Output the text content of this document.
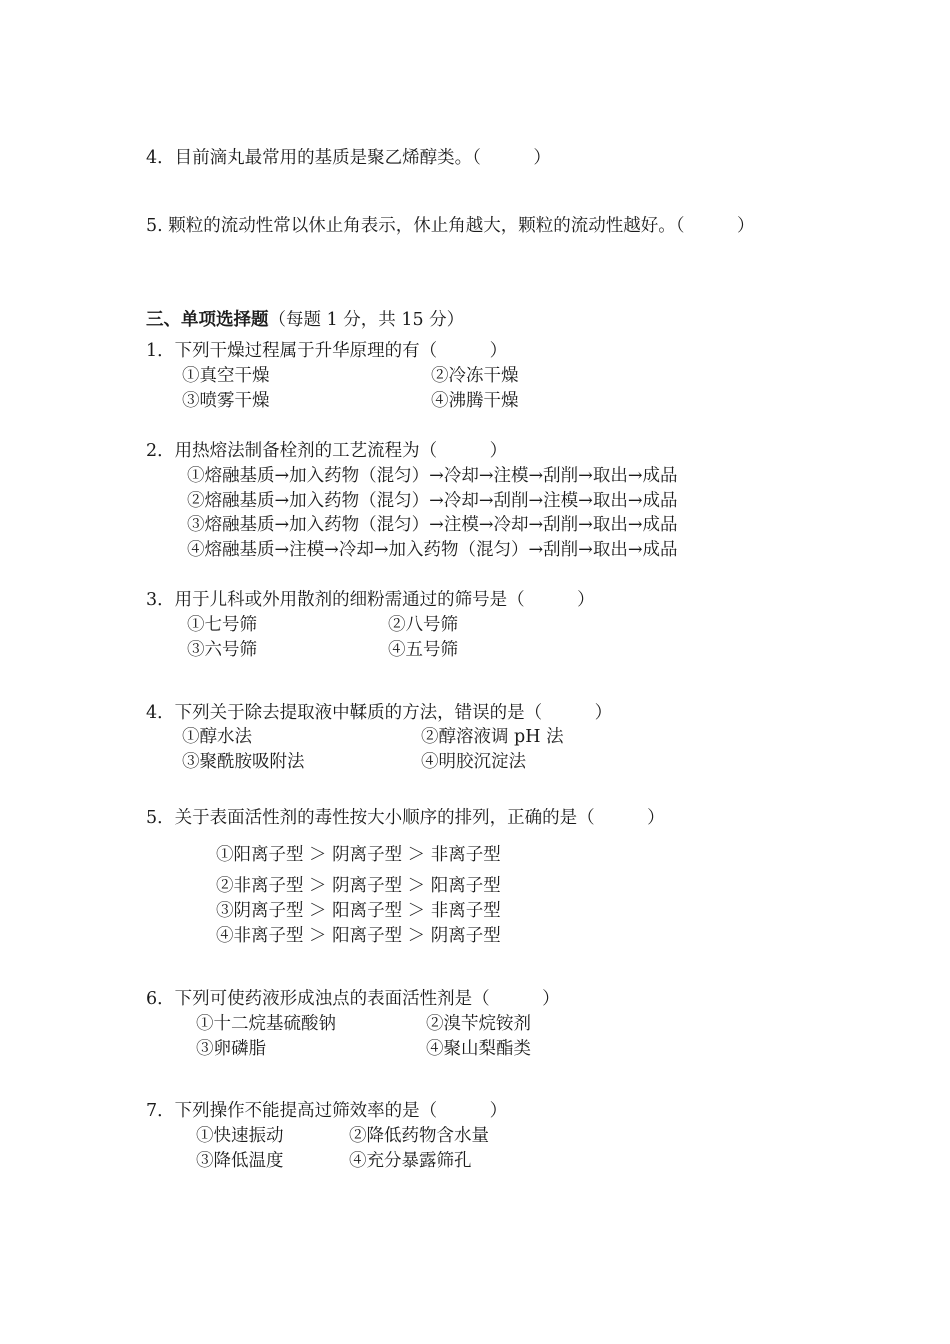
4．目前滴丸最常用的基质是聚乙烯醇类。（　　　）
5. 颗粒的流动性常以休止角表示，休止角越大，颗粒的流动性越好。（　　　）
三、单项选择题（每题 1 分，共 15 分）
1．下列干燥过程属于升华原理的有（　　　）
①真空干燥	②冷冻干燥
③喷雾干燥	④沸腾干燥
2．用热熔法制备栓剂的工艺流程为（　　　）
①熔融基质→加入药物（混匀）→冷却→注模→刮削→取出→成品
②熔融基质→加入药物（混匀）→冷却→刮削→注模→取出→成品
③熔融基质→加入药物（混匀）→注模→冷却→刮削→取出→成品
④熔融基质→注模→冷却→加入药物（混匀）→刮削→取出→成品
3．用于儿科或外用散剂的细粉需通过的筛号是（　　　）
①七号筛	②八号筛
③六号筛	④五号筛
4．下列关于除去提取液中鞣质的方法，错误的是（　　　）
①醇水法	②醇溶液调 pH 法
③聚酰胺吸附法	④明胶沉淀法
5．关于表面活性剂的毒性按大小顺序的排列，正确的是（　　　）
①阳离子型 ＞ 阴离子型 ＞ 非离子型
②非离子型 ＞ 阴离子型 ＞ 阳离子型
③阴离子型 ＞ 阳离子型 ＞ 非离子型
④非离子型 ＞ 阳离子型 ＞ 阴离子型
6．下列可使药液形成浊点的表面活性剂是（　　　）
①十二烷基硫酸钠	②溴苄烷铵剂
③卵磷脂	④聚山梨酯类
7．下列操作不能提高过筛效率的是（　　　）
①快速振动	②降低药物含水量
③降低温度	④充分暴露筛孔
